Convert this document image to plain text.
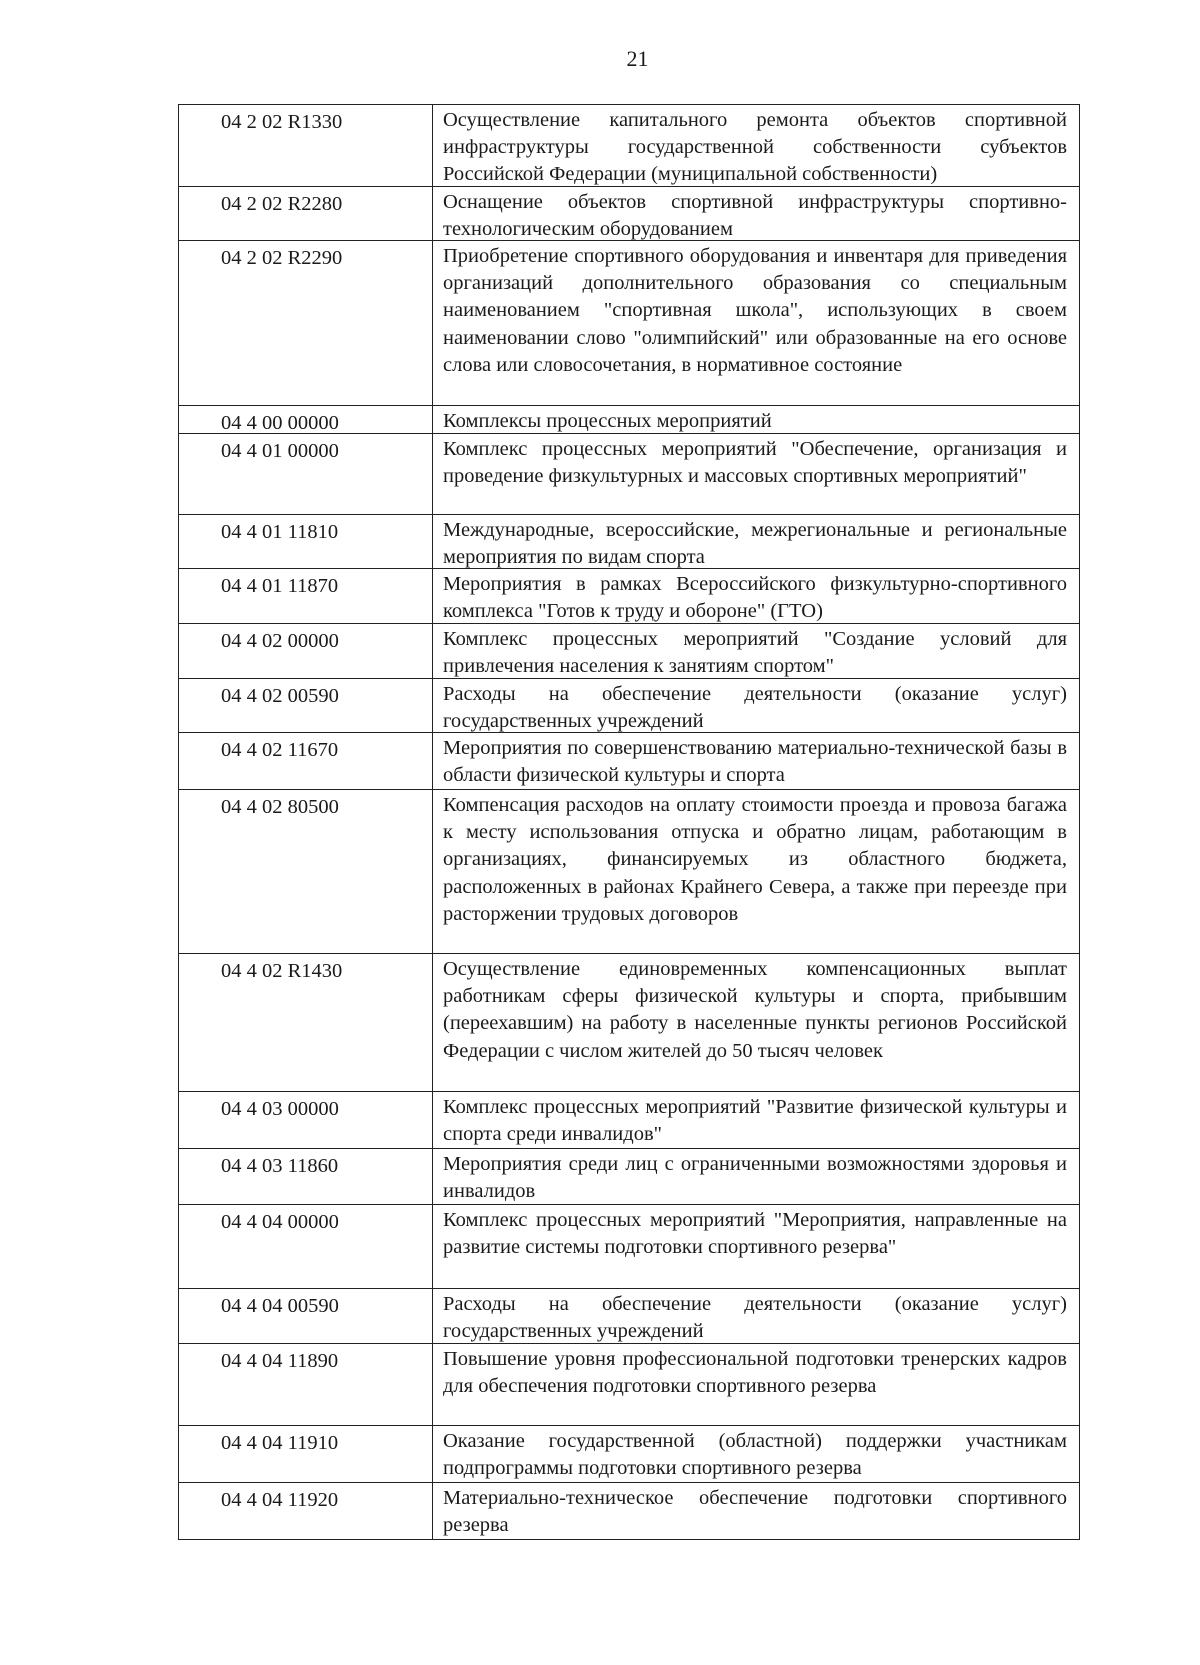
21
04 2 02 R1330	Осуществление капитального ремонта объектов спортивной инфраструктуры государственной собственности субъектов Российской Федерации (муниципальной собственности)
04 2 02 R2280	Оснащение объектов спортивной инфраструктуры спортивно-технологическим оборудованием
04 2 02 R2290	Приобретение спортивного оборудования и инвентаря для приведения организаций дополнительного образования со специальным наименованием "спортивная школа", использующих в своем наименовании слово "олимпийский" или образованные на его основе слова или словосочетания, в нормативное состояние
04 4 00 00000	Комплексы процессных мероприятий
04 4 01 00000	Комплекс процессных мероприятий "Обеспечение, организация и проведение физкультурных и массовых спортивных мероприятий"
04 4 01 11810	Международные, всероссийские, межрегиональные и региональные мероприятия по видам спорта
04 4 01 11870	Мероприятия в рамках Всероссийского физкультурно-спортивного комплекса "Готов к труду и обороне" (ГТО)
04 4 02 00000	Комплекс процессных мероприятий "Создание условий для привлечения населения к занятиям спортом"
04 4 02 00590	Расходы на обеспечение деятельности (оказание услуг) государственных учреждений
04 4 02 11670	Мероприятия по совершенствованию материально-технической базы в области физической культуры и спорта
04 4 02 80500	Компенсация расходов на оплату стоимости проезда и провоза багажа к месту использования отпуска и обратно лицам, работающим в организациях, финансируемых из областного бюджета, расположенных в районах Крайнего Севера, а также при переезде при расторжении трудовых договоров
04 4 02 R1430	Осуществление единовременных компенсационных выплат работникам сферы физической культуры и спорта, прибывшим (переехавшим) на работу в населенные пункты регионов Российской Федерации с числом жителей до 50 тысяч человек
04 4 03 00000	Комплекс процессных мероприятий "Развитие физической культуры и спорта среди инвалидов"
04 4 03 11860	Мероприятия среди лиц с ограниченными возможностями здоровья и инвалидов
04 4 04 00000	Комплекс процессных мероприятий "Мероприятия, направленные на развитие системы подготовки спортивного резерва"
04 4 04 00590	Расходы на обеспечение деятельности (оказание услуг) государственных учреждений
04 4 04 11890	Повышение уровня профессиональной подготовки тренерских кадров для обеспечения подготовки спортивного резерва
04 4 04 11910	Оказание государственной (областной) поддержки участникам подпрограммы подготовки спортивного резерва
04 4 04 11920	Материально-техническое обеспечение подготовки спортивного резерва
